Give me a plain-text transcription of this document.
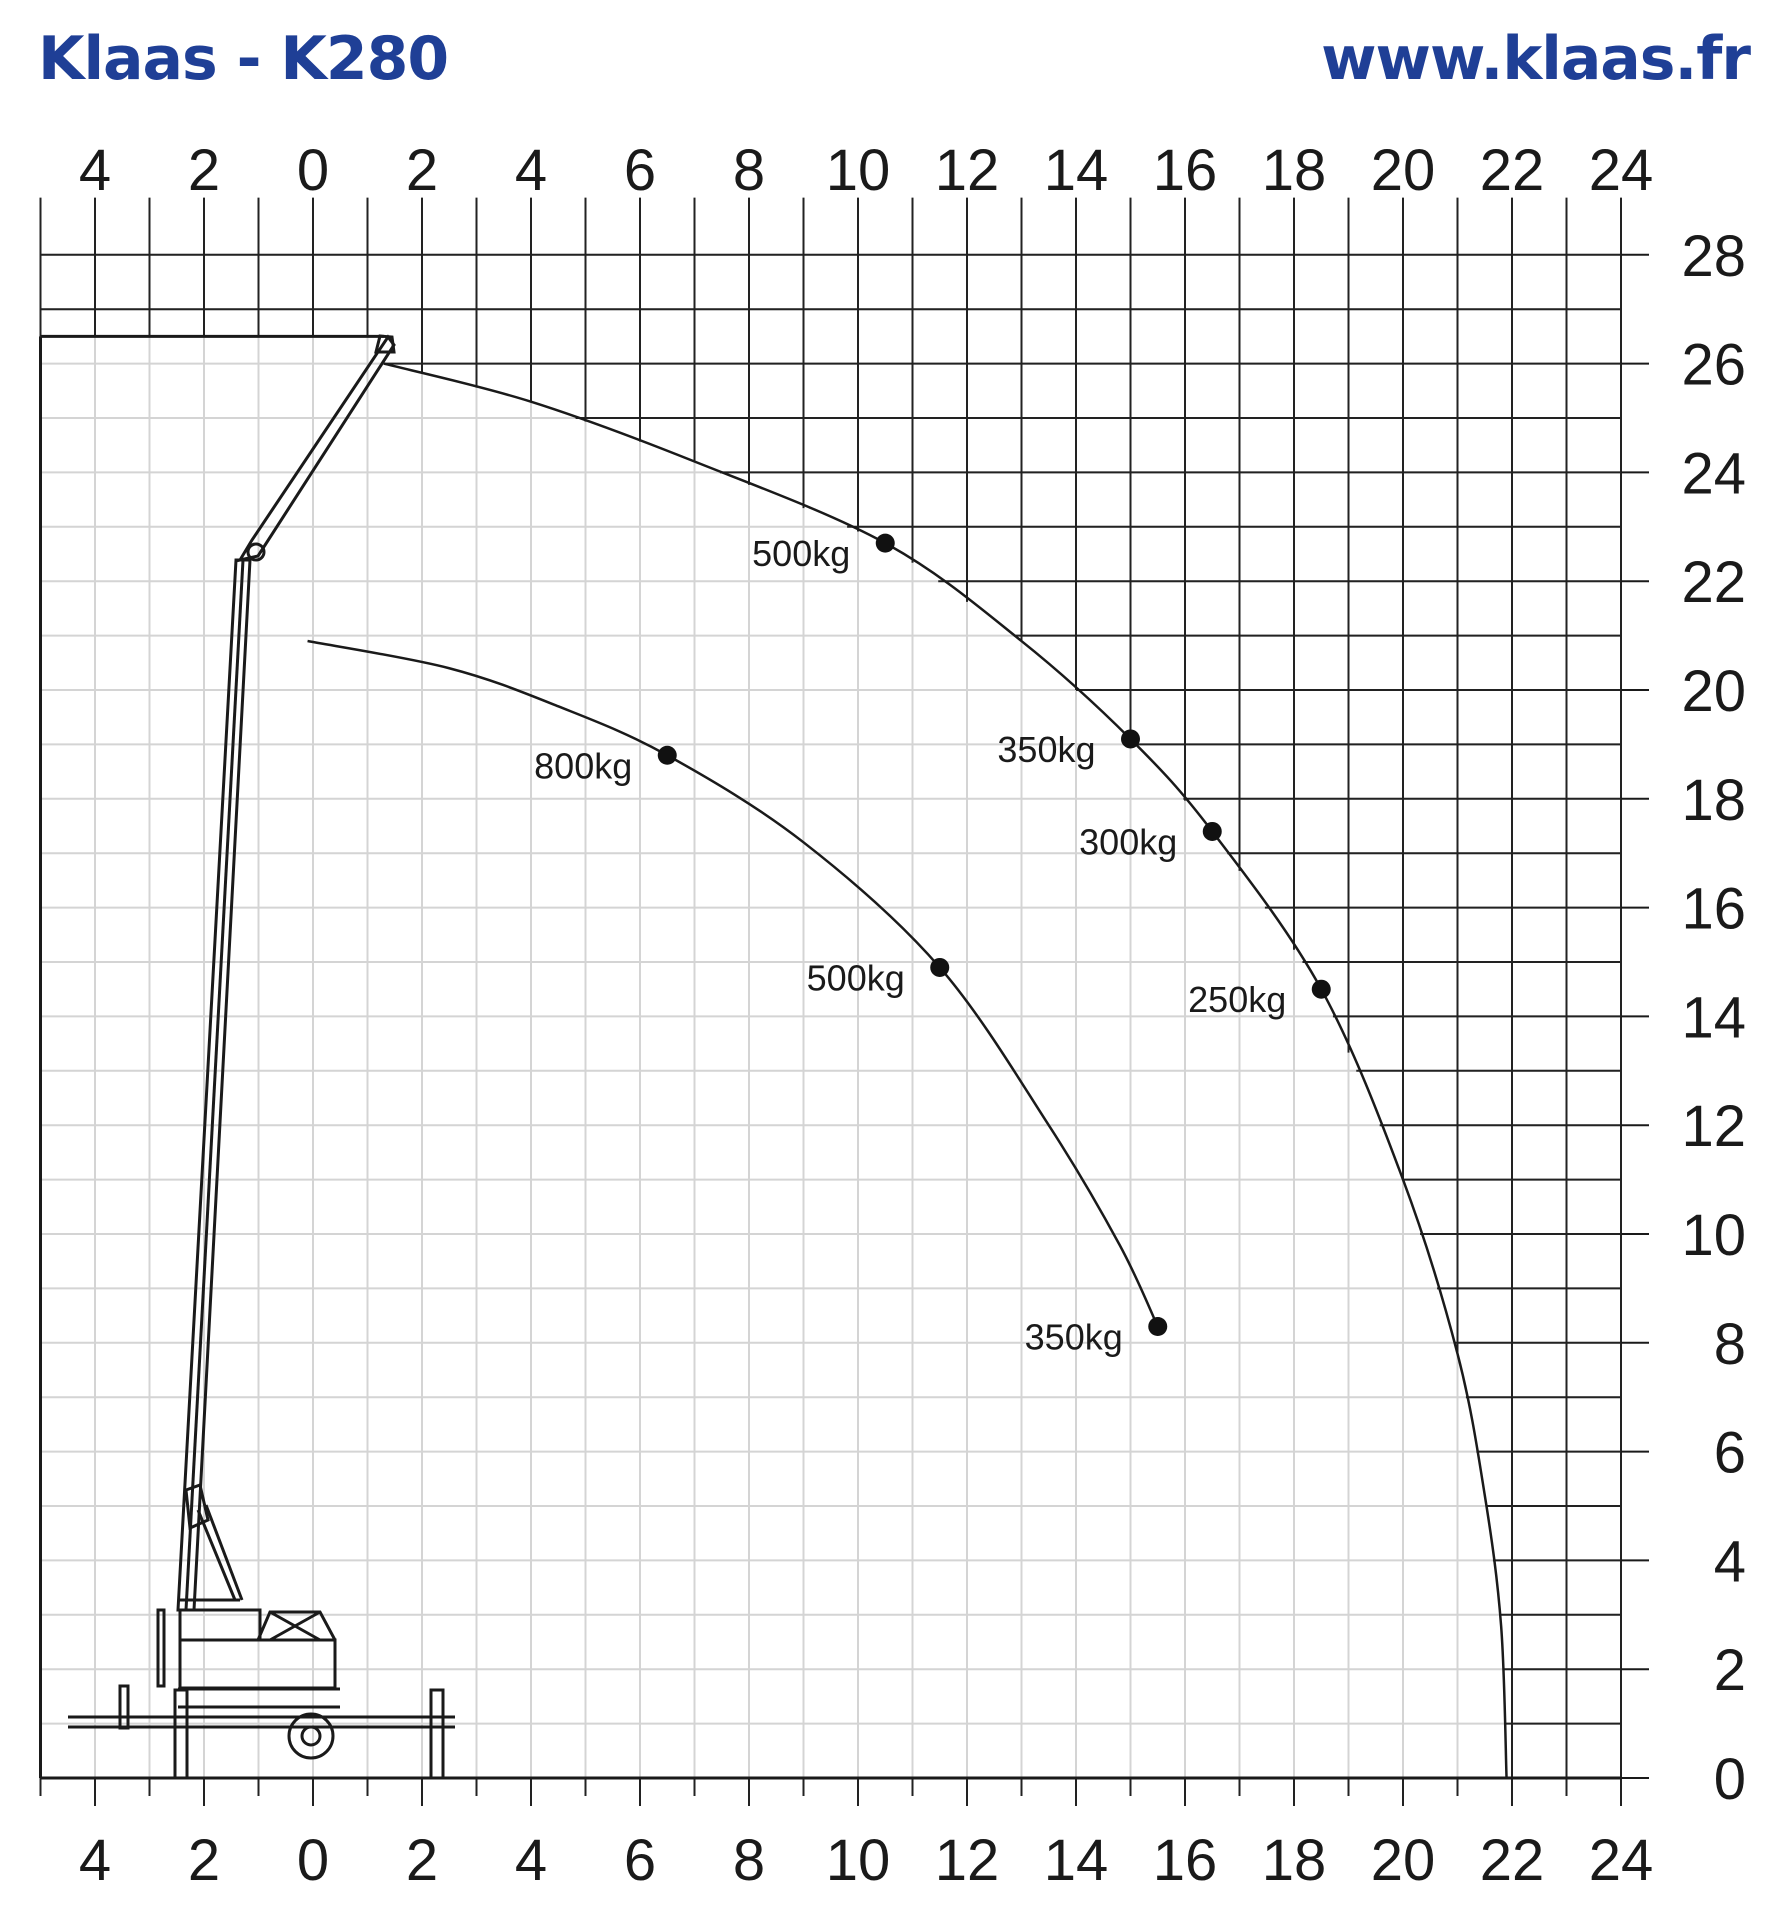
Klaas - K280	www.klaas.fr
4
4
2
2
0
0
2
2
4
4
6
6
8
8
10
10
12
12
14
14
16
16
18
18
20
20
22
22
24
24
0
2
4
6
8
10
12
14
16
18
20
22
24
26
28
500kg
350kg
300kg
250kg
800kg
500kg
350kg
